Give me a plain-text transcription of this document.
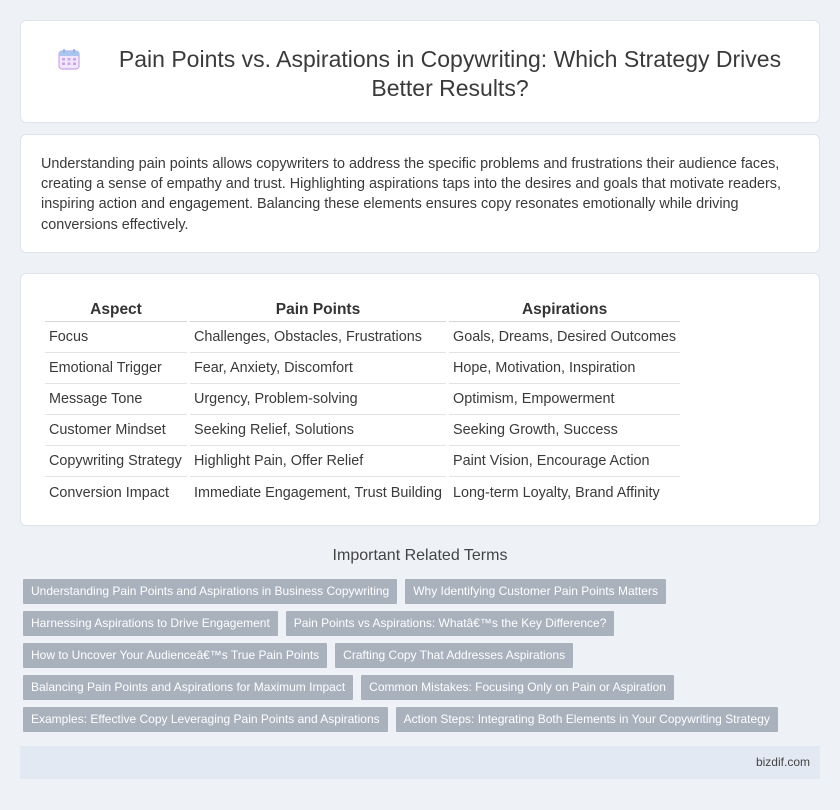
Pain Points vs. Aspirations in Copywriting: Which Strategy Drives Better Results?

Understanding pain points allows copywriters to address the specific problems and frustrations their audience faces, creating a sense of empathy and trust. Highlighting aspirations taps into the desires and goals that motivate readers, inspiring action and engagement. Balancing these elements ensures copy resonates emotionally while driving conversions effectively.

Aspect	Pain Points	Aspirations
Focus	Challenges, Obstacles, Frustrations	Goals, Dreams, Desired Outcomes
Emotional Trigger	Fear, Anxiety, Discomfort	Hope, Motivation, Inspiration
Message Tone	Urgency, Problem-solving	Optimism, Empowerment
Customer Mindset	Seeking Relief, Solutions	Seeking Growth, Success
Copywriting Strategy	Highlight Pain, Offer Relief	Paint Vision, Encourage Action
Conversion Impact	Immediate Engagement, Trust Building	Long-term Loyalty, Brand Affinity
Important Related Terms
Understanding Pain Points and Aspirations in Business Copywriting	Why Identifying Customer Pain Points Matters
Harnessing Aspirations to Drive Engagement	Pain Points vs Aspirations: Whatâ€™s the Key Difference?
How to Uncover Your Audienceâ€™s True Pain Points	Crafting Copy That Addresses Aspirations
Balancing Pain Points and Aspirations for Maximum Impact	Common Mistakes: Focusing Only on Pain or Aspiration
Examples: Effective Copy Leveraging Pain Points and Aspirations	Action Steps: Integrating Both Elements in Your Copywriting Strategy
bizdif.com
